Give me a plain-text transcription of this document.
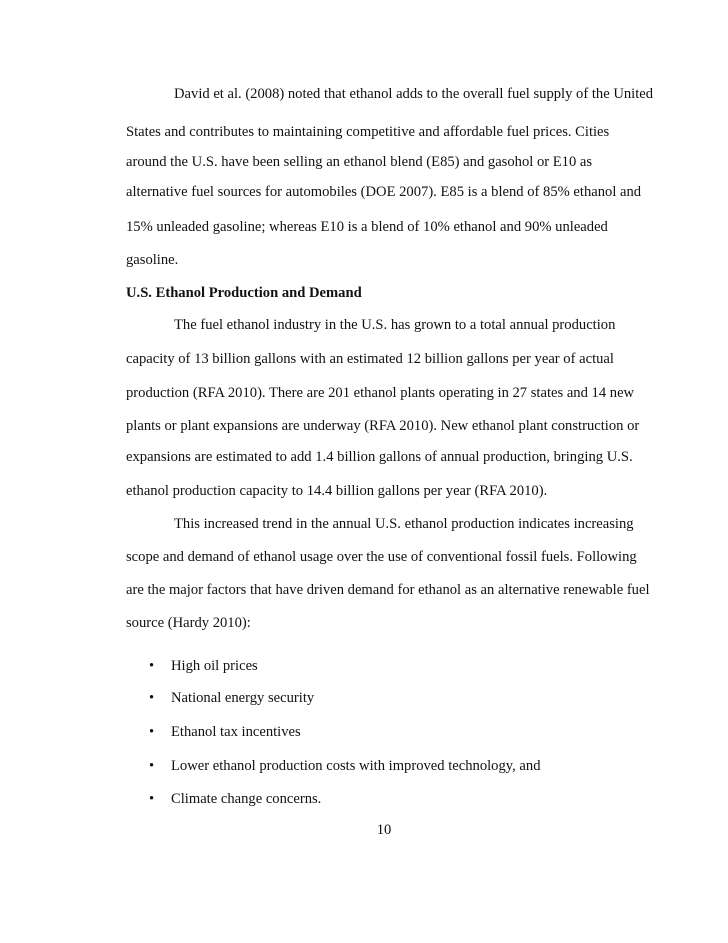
David et al. (2008) noted that ethanol adds to the overall fuel supply of the United
States and contributes to maintaining competitive and affordable fuel prices. Cities
around the U.S. have been selling an ethanol blend (E85) and gasohol or E10 as
alternative fuel sources for automobiles (DOE 2007). E85 is a blend of 85% ethanol and
15% unleaded gasoline; whereas E10 is a blend of 10% ethanol and 90% unleaded
gasoline.
U.S. Ethanol Production and Demand
The fuel ethanol industry in the U.S. has grown to a total annual production
capacity of 13 billion gallons with an estimated 12 billion gallons per year of actual
production (RFA 2010). There are 201 ethanol plants operating in 27 states and 14 new
plants or plant expansions are underway (RFA 2010). New ethanol plant construction or
expansions are estimated to add 1.4 billion gallons of annual production, bringing U.S.
ethanol production capacity to 14.4 billion gallons per year (RFA 2010).
This increased trend in the annual U.S. ethanol production indicates increasing
scope and demand of ethanol usage over the use of conventional fossil fuels. Following
are the major factors that have driven demand for ethanol as an alternative renewable fuel
source (Hardy 2010):
• High oil prices
• National energy security
• Ethanol tax incentives
• Lower ethanol production costs with improved technology, and
• Climate change concerns.
10
